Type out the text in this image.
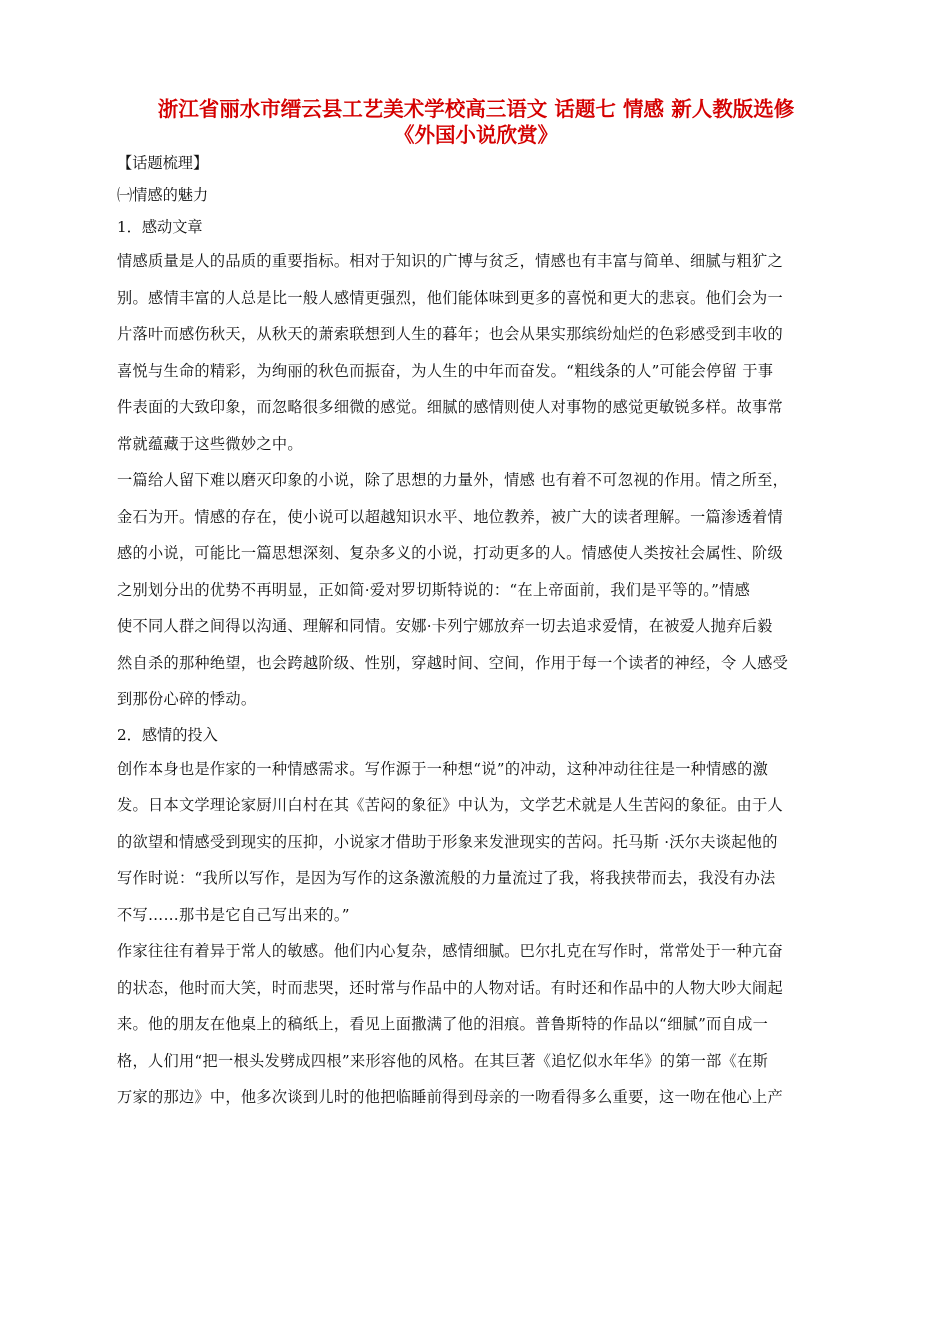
浙江省丽水市缙云县工艺美术学校高三语文 话题七 情感 新人教版选修
《外国小说欣赏》

【话题梳理】

㈠情感的魅力

1．感动文章

情感质量是人的品质的重要指标。相对于知识的广博与贫乏，情感也有丰富与简单、细腻与粗犷之
别。感情丰富的人总是比一般人感情更强烈，他们能体味到更多的喜悦和更大的悲哀。他们会为一
片落叶而感伤秋天，从秋天的萧索联想到人生的暮年；也会从果实那缤纷灿烂的色彩感受到丰收的
喜悦与生命的精彩，为绚丽的秋色而振奋，为人生的中年而奋发。“粗线条的人”可能会停留 于事
件表面的大致印象，而忽略很多细微的感觉。细腻的感情则使人对事物的感觉更敏锐多样。故事常
常就蕴藏于这些微妙之中。

一篇给人留下难以磨灭印象的小说，除了思想的力量外，情感 也有着不可忽视的作用。情之所至，
金石为开。情感的存在，使小说可以超越知识水平、地位教养，被广大的读者理解。一篇渗透着情
感的小说，可能比一篇思想深刻、复杂多义的小说，打动更多的人。情感使人类按社会属性、阶级
之别划分出的优势不再明显，正如简·爱对罗切斯特说的：“在上帝面前，我们是平等的。”情感
使不同人群之间得以沟通、理解和同情。安娜·卡列宁娜放弃一切去追求爱情，在被爱人抛弃后毅
然自杀的那种绝望，也会跨越阶级、性别，穿越时间、空间，作用于每一个读者的神经，令 人感受
到那份心碎的悸动。

2．感情的投入

创作本身也是作家的一种情感需求。写作源于一种想“说”的冲动，这种冲动往往是一种情感的激
发。日本文学理论家厨川白村在其《苦闷的象征》中认为，文学艺术就是人生苦闷的象征。由于人
的欲望和情感受到现实的压抑，小说家才借助于形象来发泄现实的苦闷。托马斯 ·沃尔夫谈起他的
写作时说：“我所以写作，是因为写作的这条激流般的力量流过了我，将我挟带而去，我没有办法
不写……那书是它自己写出来的。”

作家往往有着异于常人的敏感。他们内心复杂，感情细腻。巴尔扎克在写作时，常常处于一种亢奋
的状态，他时而大笑，时而悲哭，还时常与作品中的人物对话。有时还和作品中的人物大吵大闹起
来。他的朋友在他桌上的稿纸上，看见上面撒满了他的泪痕。普鲁斯特的作品以“细腻”而自成一
格，人们用“把一根头发劈成四根”来形容他的风格。在其巨著《追忆似水年华》的第一部《在斯
万家的那边》中，他多次谈到儿时的他把临睡前得到母亲的一吻看得多么重要，这一吻在他心上产
